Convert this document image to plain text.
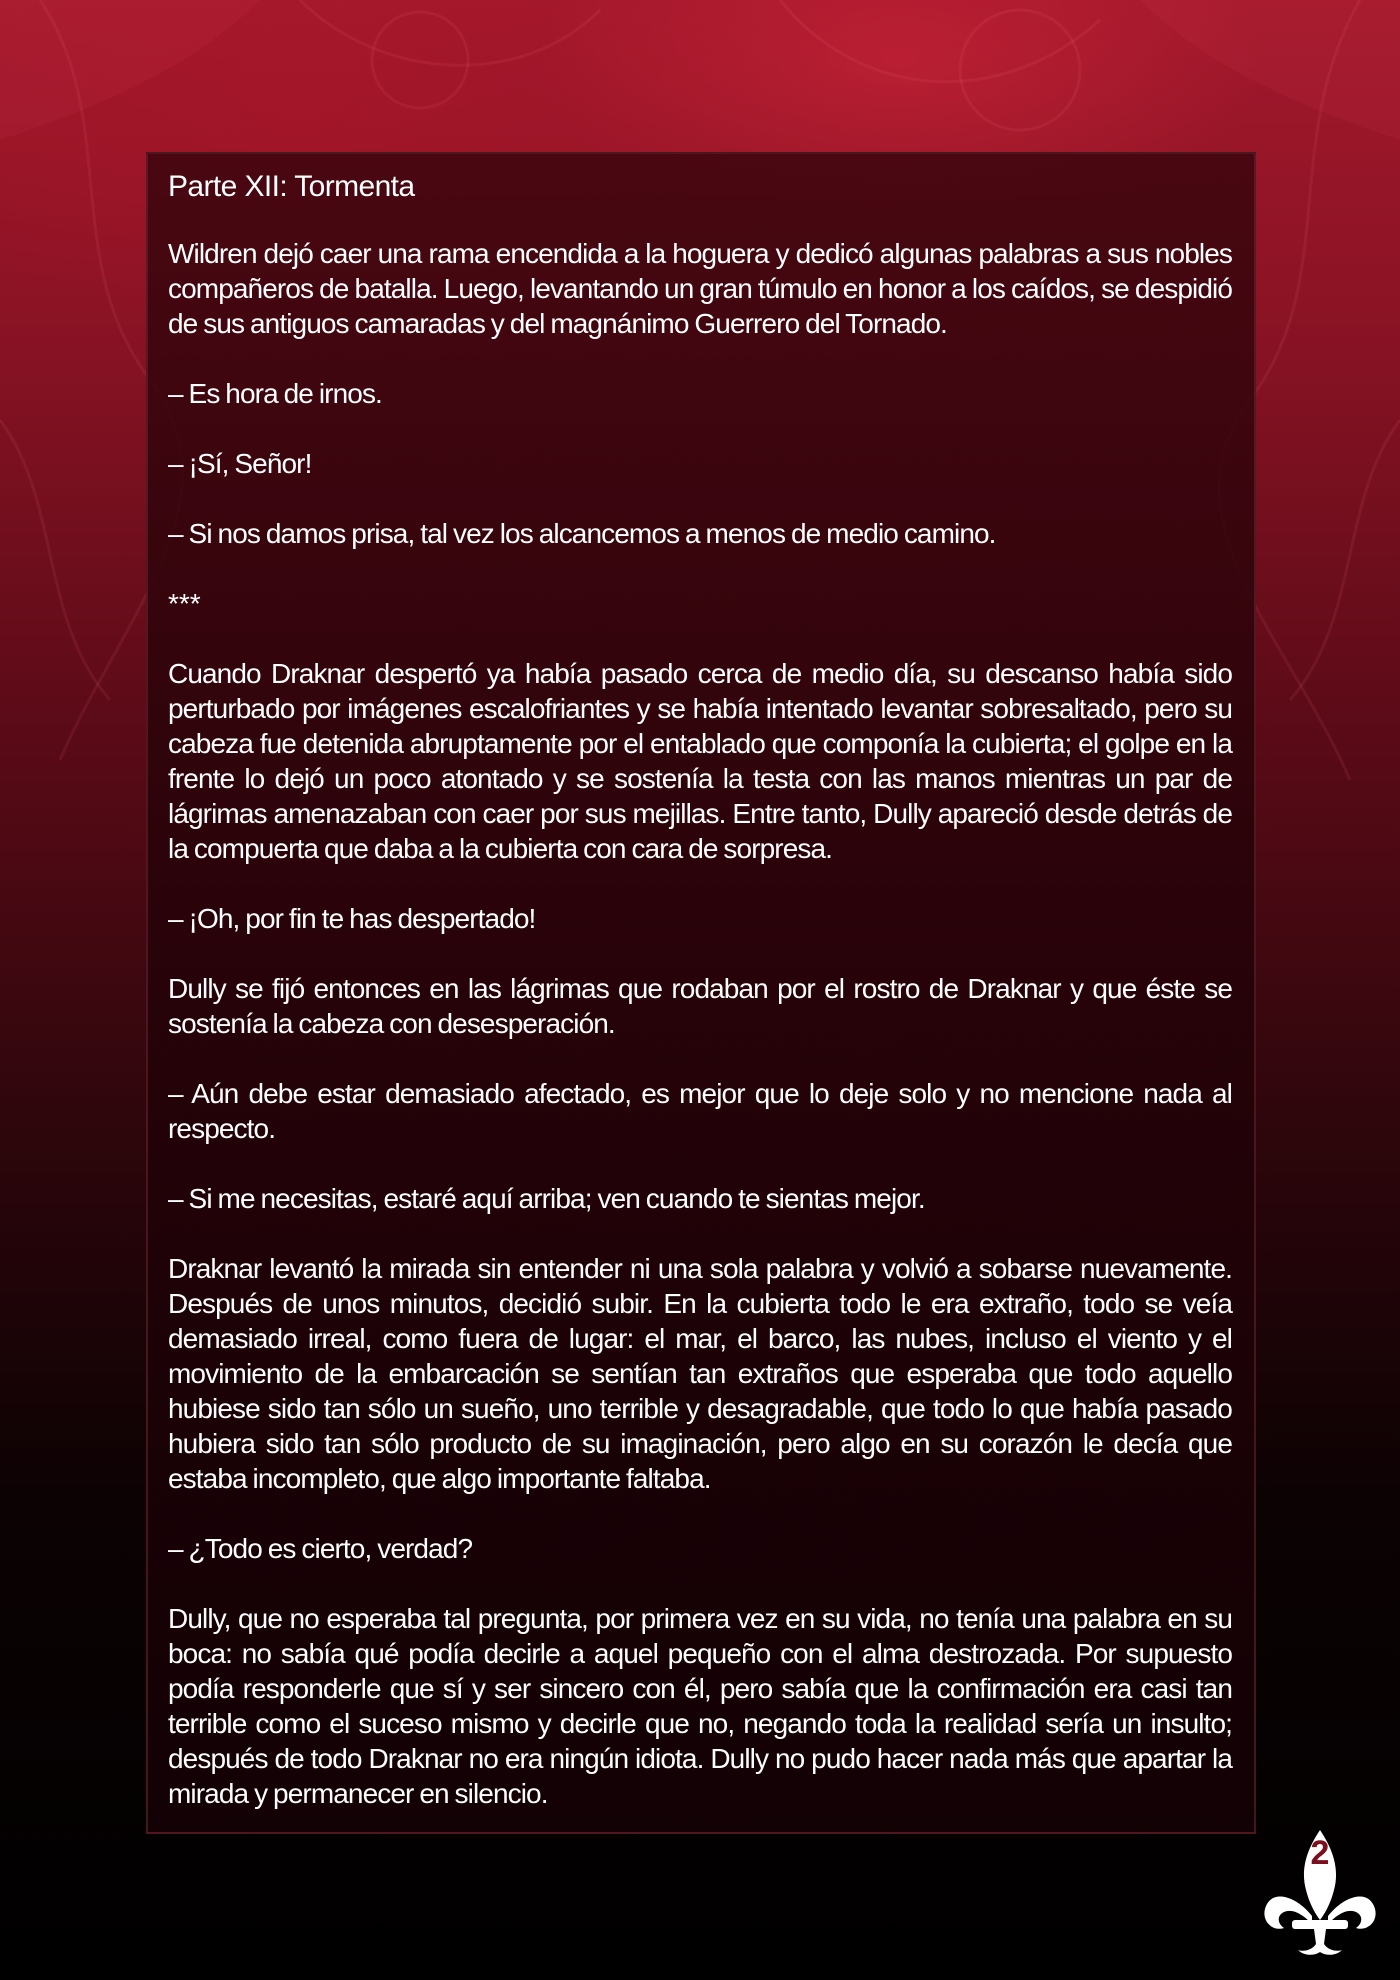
Parte XII: Tormenta

Wildren dejó caer una rama encendida a la hoguera y dedicó algunas palabras a sus nobles compañeros de batalla. Luego, levantando un gran túmulo en honor a los caídos, se despidió de sus antiguos camaradas y del magnánimo Guerrero del Tornado.

– Es hora de irnos.

– ¡Sí, Señor!

– Si nos damos prisa, tal vez los alcancemos a menos de medio camino.

***

Cuando Draknar despertó ya había pasado cerca de medio día, su descanso había sido perturbado por imágenes escalofriantes y se había intentado levantar sobresaltado, pero su cabeza fue detenida abruptamente por el entablado que componía la cubierta; el golpe en la frente lo dejó un poco atontado y se sostenía la testa con las manos mientras un par de lágrimas amenazaban con caer por sus mejillas. Entre tanto, Dully apareció desde detrás de la compuerta que daba a la cubierta con cara de sorpresa.

– ¡Oh, por fin te has despertado!

Dully se fijó entonces en las lágrimas que rodaban por el rostro de Draknar y que éste se sostenía la cabeza con desesperación.

– Aún debe estar demasiado afectado, es mejor que lo deje solo y no mencione nada al respecto.

– Si me necesitas, estaré aquí arriba; ven cuando te sientas mejor.

Draknar levantó la mirada sin entender ni una sola palabra y volvió a sobarse nuevamente. Después de unos minutos, decidió subir. En la cubierta todo le era extraño, todo se veía demasiado irreal, como fuera de lugar: el mar, el barco, las nubes, incluso el viento y el movimiento de la embarcación se sentían tan extraños que esperaba que todo aquello hubiese sido tan sólo un sueño, uno terrible y desagradable, que todo lo que había pasado hubiera sido tan sólo producto de su imaginación, pero algo en su corazón le decía que estaba incompleto, que algo importante faltaba.

– ¿Todo es cierto, verdad?

Dully, que no esperaba tal pregunta, por primera vez en su vida, no tenía una palabra en su boca: no sabía qué podía decirle a aquel pequeño con el alma destrozada. Por supuesto podía responderle que sí y ser sincero con él, pero sabía que la confirmación era casi tan terrible como el suceso mismo y decirle que no, negando toda la realidad sería un insulto; después de todo Draknar no era ningún idiota. Dully no pudo hacer nada más que apartar la mirada y permanecer en silencio.

2
